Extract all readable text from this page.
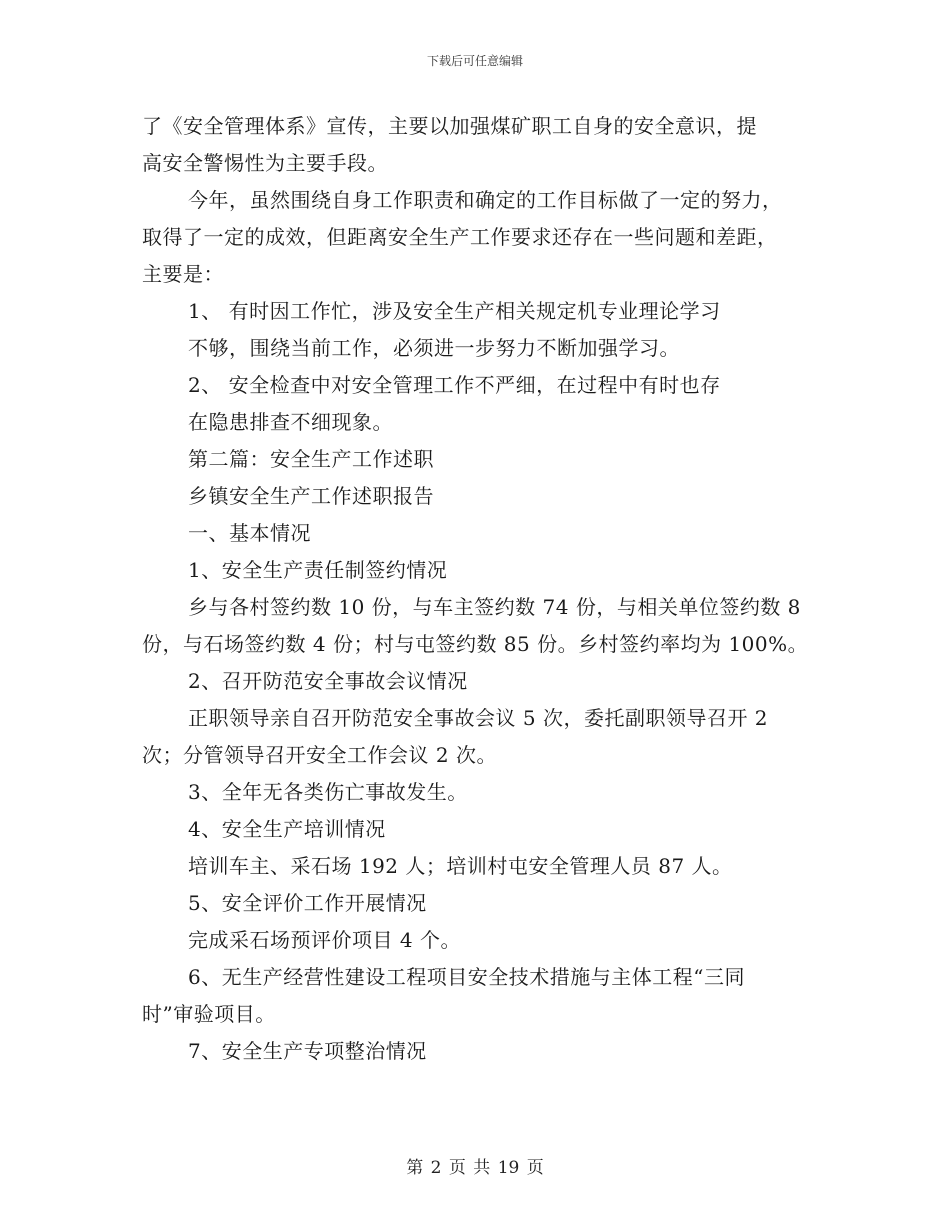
下载后可任意编辑
了《安全管理体系》宣传，主要以加强煤矿职工自身的安全意识，提
高安全警惕性为主要手段。
今年，虽然围绕自身工作职责和确定的工作目标做了一定的努力，
取得了一定的成效，但距离安全生产工作要求还存在一些问题和差距，
主要是：
1、 有时因工作忙，涉及安全生产相关规定机专业理论学习
不够，围绕当前工作，必须进一步努力不断加强学习。
2、 安全检查中对安全管理工作不严细，在过程中有时也存
在隐患排查不细现象。
第二篇：安全生产工作述职
乡镇安全生产工作述职报告
一、基本情况
1、安全生产责任制签约情况
乡与各村签约数 10 份，与车主签约数 74 份，与相关单位签约数 8
份，与石场签约数 4 份；村与屯签约数 85 份。乡村签约率均为 100%。
2、召开防范安全事故会议情况
正职领导亲自召开防范安全事故会议 5 次，委托副职领导召开 2
次；分管领导召开安全工作会议 2 次。
3、全年无各类伤亡事故发生。
4、安全生产培训情况
培训车主、采石场 192 人；培训村屯安全管理人员 87 人。
5、安全评价工作开展情况
完成采石场预评价项目 4 个。
6、无生产经营性建设工程项目安全技术措施与主体工程“三同
时”审验项目。
7、安全生产专项整治情况
第 2 页 共 19 页
